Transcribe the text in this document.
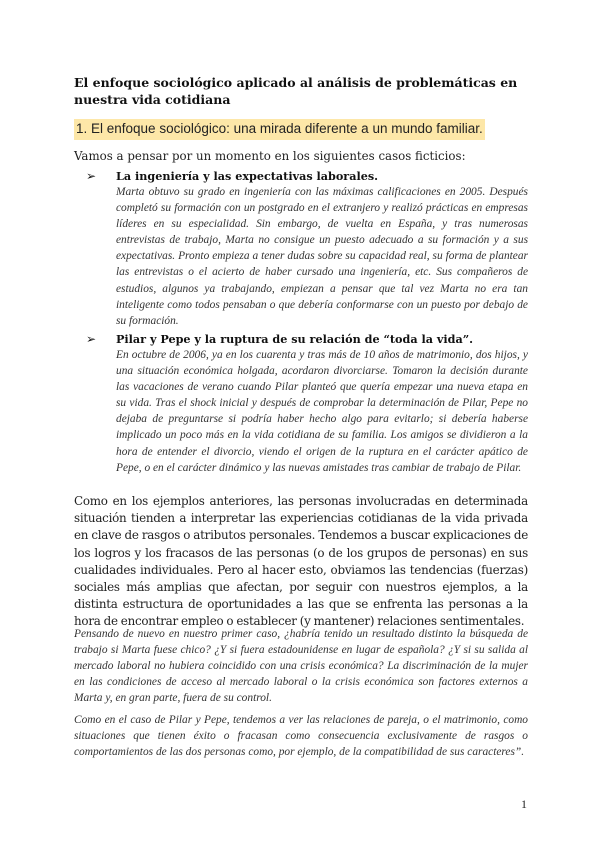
El enfoque sociológico aplicado al análisis de problemáticas en nuestra vida cotidiana
1. El enfoque sociológico: una mirada diferente a un mundo familiar.
Vamos a pensar por un momento en los siguientes casos ficticios:
➢	La ingeniería y las expectativas laborales.
Marta obtuvo su grado en ingeniería con las máximas calificaciones en 2005. Después completó su formación con un postgrado en el extranjero y realizó prácticas en empresas líderes en su especialidad. Sin embargo, de vuelta en España, y tras numerosas entrevistas de trabajo, Marta no consigue un puesto adecuado a su formación y a sus expectativas. Pronto empieza a tener dudas sobre su capacidad real, su forma de plantear las entrevistas o el acierto de haber cursado una ingeniería, etc. Sus compañeros de estudios, algunos ya trabajando, empiezan a pensar que tal vez Marta no era tan inteligente como todos pensaban o que debería conformarse con un puesto por debajo de su formación.
➢	Pilar y Pepe y la ruptura de su relación de “toda la vida”.
En octubre de 2006, ya en los cuarenta y tras más de 10 años de matrimonio, dos hijos, y una situación económica holgada, acordaron divorciarse. Tomaron la decisión durante las vacaciones de verano cuando Pilar planteó que quería empezar una nueva etapa en su vida. Tras el shock inicial y después de comprobar la determinación de Pilar, Pepe no dejaba de preguntarse si podría haber hecho algo para evitarlo; si debería haberse implicado un poco más en la vida cotidiana de su familia. Los amigos se dividieron a la hora de entender el divorcio, viendo el origen de la ruptura en el carácter apático de Pepe, o en el carácter dinámico y las nuevas amistades tras cambiar de trabajo de Pilar.
Como en los ejemplos anteriores, las personas involucradas en determinada situación tienden a interpretar las experiencias cotidianas de la vida privada en clave de rasgos o atributos personales. Tendemos a buscar explicaciones de los logros y los fracasos de las personas (o de los grupos de personas) en sus cualidades individuales. Pero al hacer esto, obviamos las tendencias (fuerzas) sociales más amplias que afectan, por seguir con nuestros ejemplos, a la distinta estructura de oportunidades a las que se enfrenta las personas a la hora de encontrar empleo o establecer (y mantener) relaciones sentimentales.
Pensando de nuevo en nuestro primer caso, ¿habría tenido un resultado distinto la búsqueda de trabajo si Marta fuese chico? ¿Y si fuera estadounidense en lugar de española? ¿Y si su salida al mercado laboral no hubiera coincidido con una crisis económica? La discriminación de la mujer en las condiciones de acceso al mercado laboral o la crisis económica son factores externos a Marta y, en gran parte, fuera de su control.
Como en el caso de Pilar y Pepe, tendemos a ver las relaciones de pareja, o el matrimonio, como situaciones que tienen éxito o fracasan como consecuencia exclusivamente de rasgos o comportamientos de las dos personas como, por ejemplo, de la compatibilidad de sus caracteres”.
1
